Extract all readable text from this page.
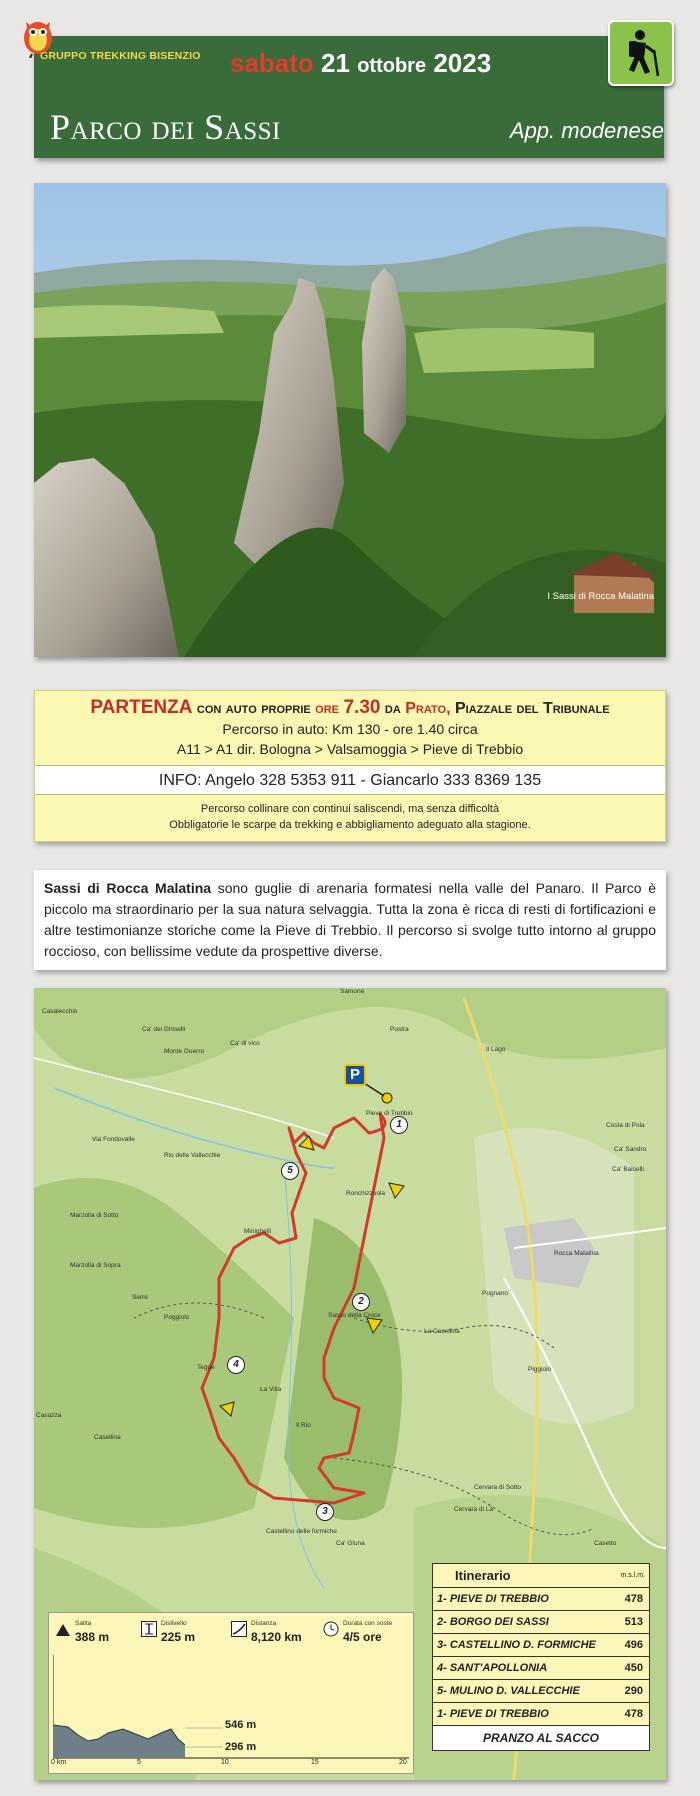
GRUPPO TREKKING BISENZIO sabato 21 ottobre 2023
Parco dei Sassi	App. modenese
I Sassi di Rocca Malatina
PARTENZA con auto proprie ore 7.30 da Prato, Piazzale del Tribunale
Percorso in auto: Km 130 - ore 1.40 circa
A11 > A1 dir. Bologna > Valsamoggia > Pieve di Trebbio
INFO: Angelo 328 5353 911 - Giancarlo 333 8369 135
Percorso collinare con continui saliscendi, ma senza difficoltà
Obbligatorie le scarpe da trekking e abbigliamento adeguato alla stagione.
Sassi di Rocca Malatina sono guglie di arenaria formatesi nella valle del Panaro. Il Parco è piccolo ma straordinario per la sua natura selvaggia. Tutta la zona è ricca di resti di fortificazioni e altre testimonianze storiche come la Pieve di Trebbio. Il percorso si svolge tutto intorno al gruppo roccioso, con bellissime vedute da prospettive diverse.
P
1
2
3
4
5
Casalecchio
Ca' dei Ghiselli
Monte Guerro
Ca' di vico
Pustra
Il Lago
Pieve di Trebbio
Costa di Pola
Ca' Sandro
Ca' Baiselli
Via Fondovalle
Rio delle Vallecchie
Ronchizzuola
Marzolla di Sotto
Minighelli
Marzolla di Sopra
Sasso della Croce
La Casellina
Rocca Malatina
Pugnano
Serre
Poggiolo
Piggiolo
Tegge
La Villa
Casazza
Casellina
Il Rio
Castellino delle formiche
Ca' Gluna
Cervara di Sotto
Cervara di Là
Casetto
Samone
Salita
388 m
Dislivello
225 m
Distanza
8,120 km
Durata con soste
4/5 ore
546 m
296 m
0 km	5	10	15	20
Itinerario	m.s.l.m.
1- PIEVE DI TREBBIO	478
2- BORGO DEI SASSI	513
3- CASTELLINO D. FORMICHE	496
4- SANT'APOLLONIA	450
5- MULINO D. VALLECCHIE	290
1- PIEVE DI TREBBIO	478
PRANZO AL SACCO
